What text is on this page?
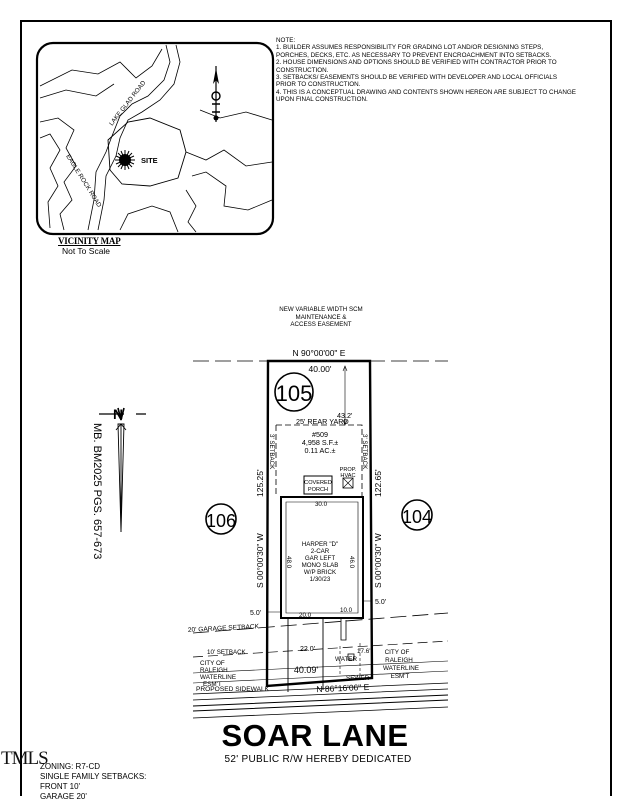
LAKE GLAD ROAD
EAGLE ROCK ROAD	SITE
N
MB. BM2025 PGS. 657-673
N 90°00'00" E
40.00'
105
25' REAR YARD
43.2'
3' SETBACK	3' SETBACK
#509
4,958 S.F.±
0.11 AC.±
COVERED
PORCH
PROP.
HVAC
30.0
48.0	46.0
HARPER "D"
2-CAR
GAR LEFT
MONO SLAB
W/P BRICK
1/30/23
20.0
10.0
5.0'
5.0'
S 00°00'30" W
125.25'
S 00°00'30" W
122.65'
106	104
20' GARAGE SETBACK
10' SETBACK	22.0'	17.6'
WATER
CITY OF
RALEIGH
WATERLINE
ESM'T
CITY OF
RALEIGH
WATERLINE
ESM'T
40.09'
SEWER
PROPOSED SIDEWALK	N 86°16'06" E

NOTE:

1. BUILDER ASSUMES RESPONSIBILITY FOR GRADING LOT AND/OR DESIGNING STEPS, PORCHES, DECKS, ETC. AS NECESSARY TO PREVENT ENCROACHMENT INTO SETBACKS.

2. HOUSE DIMENSIONS AND OPTIONS SHOULD BE VERIFIED WITH CONTRACTOR PRIOR TO CONSTRUCTION.

3. SETBACKS/ EASEMENTS SHOULD BE VERIFIED WITH DEVELOPER AND LOCAL OFFICIALS PRIOR TO CONSTRUCTION.

4. THIS IS A CONCEPTUAL DRAWING AND CONTENTS SHOWN HEREON ARE SUBJECT TO CHANGE UPON FINAL CONSTRUCTION.

VICINITY MAP
Not To Scale
NEW VARIABLE WIDTH SCM
MAINTENANCE &
ACCESS EASEMENT
SOAR LANE
52' PUBLIC R/W HEREBY DEDICATED
ZONING: R7-CD
SINGLE FAMILY SETBACKS:
FRONT 10'
GARAGE 20'
TMLS
